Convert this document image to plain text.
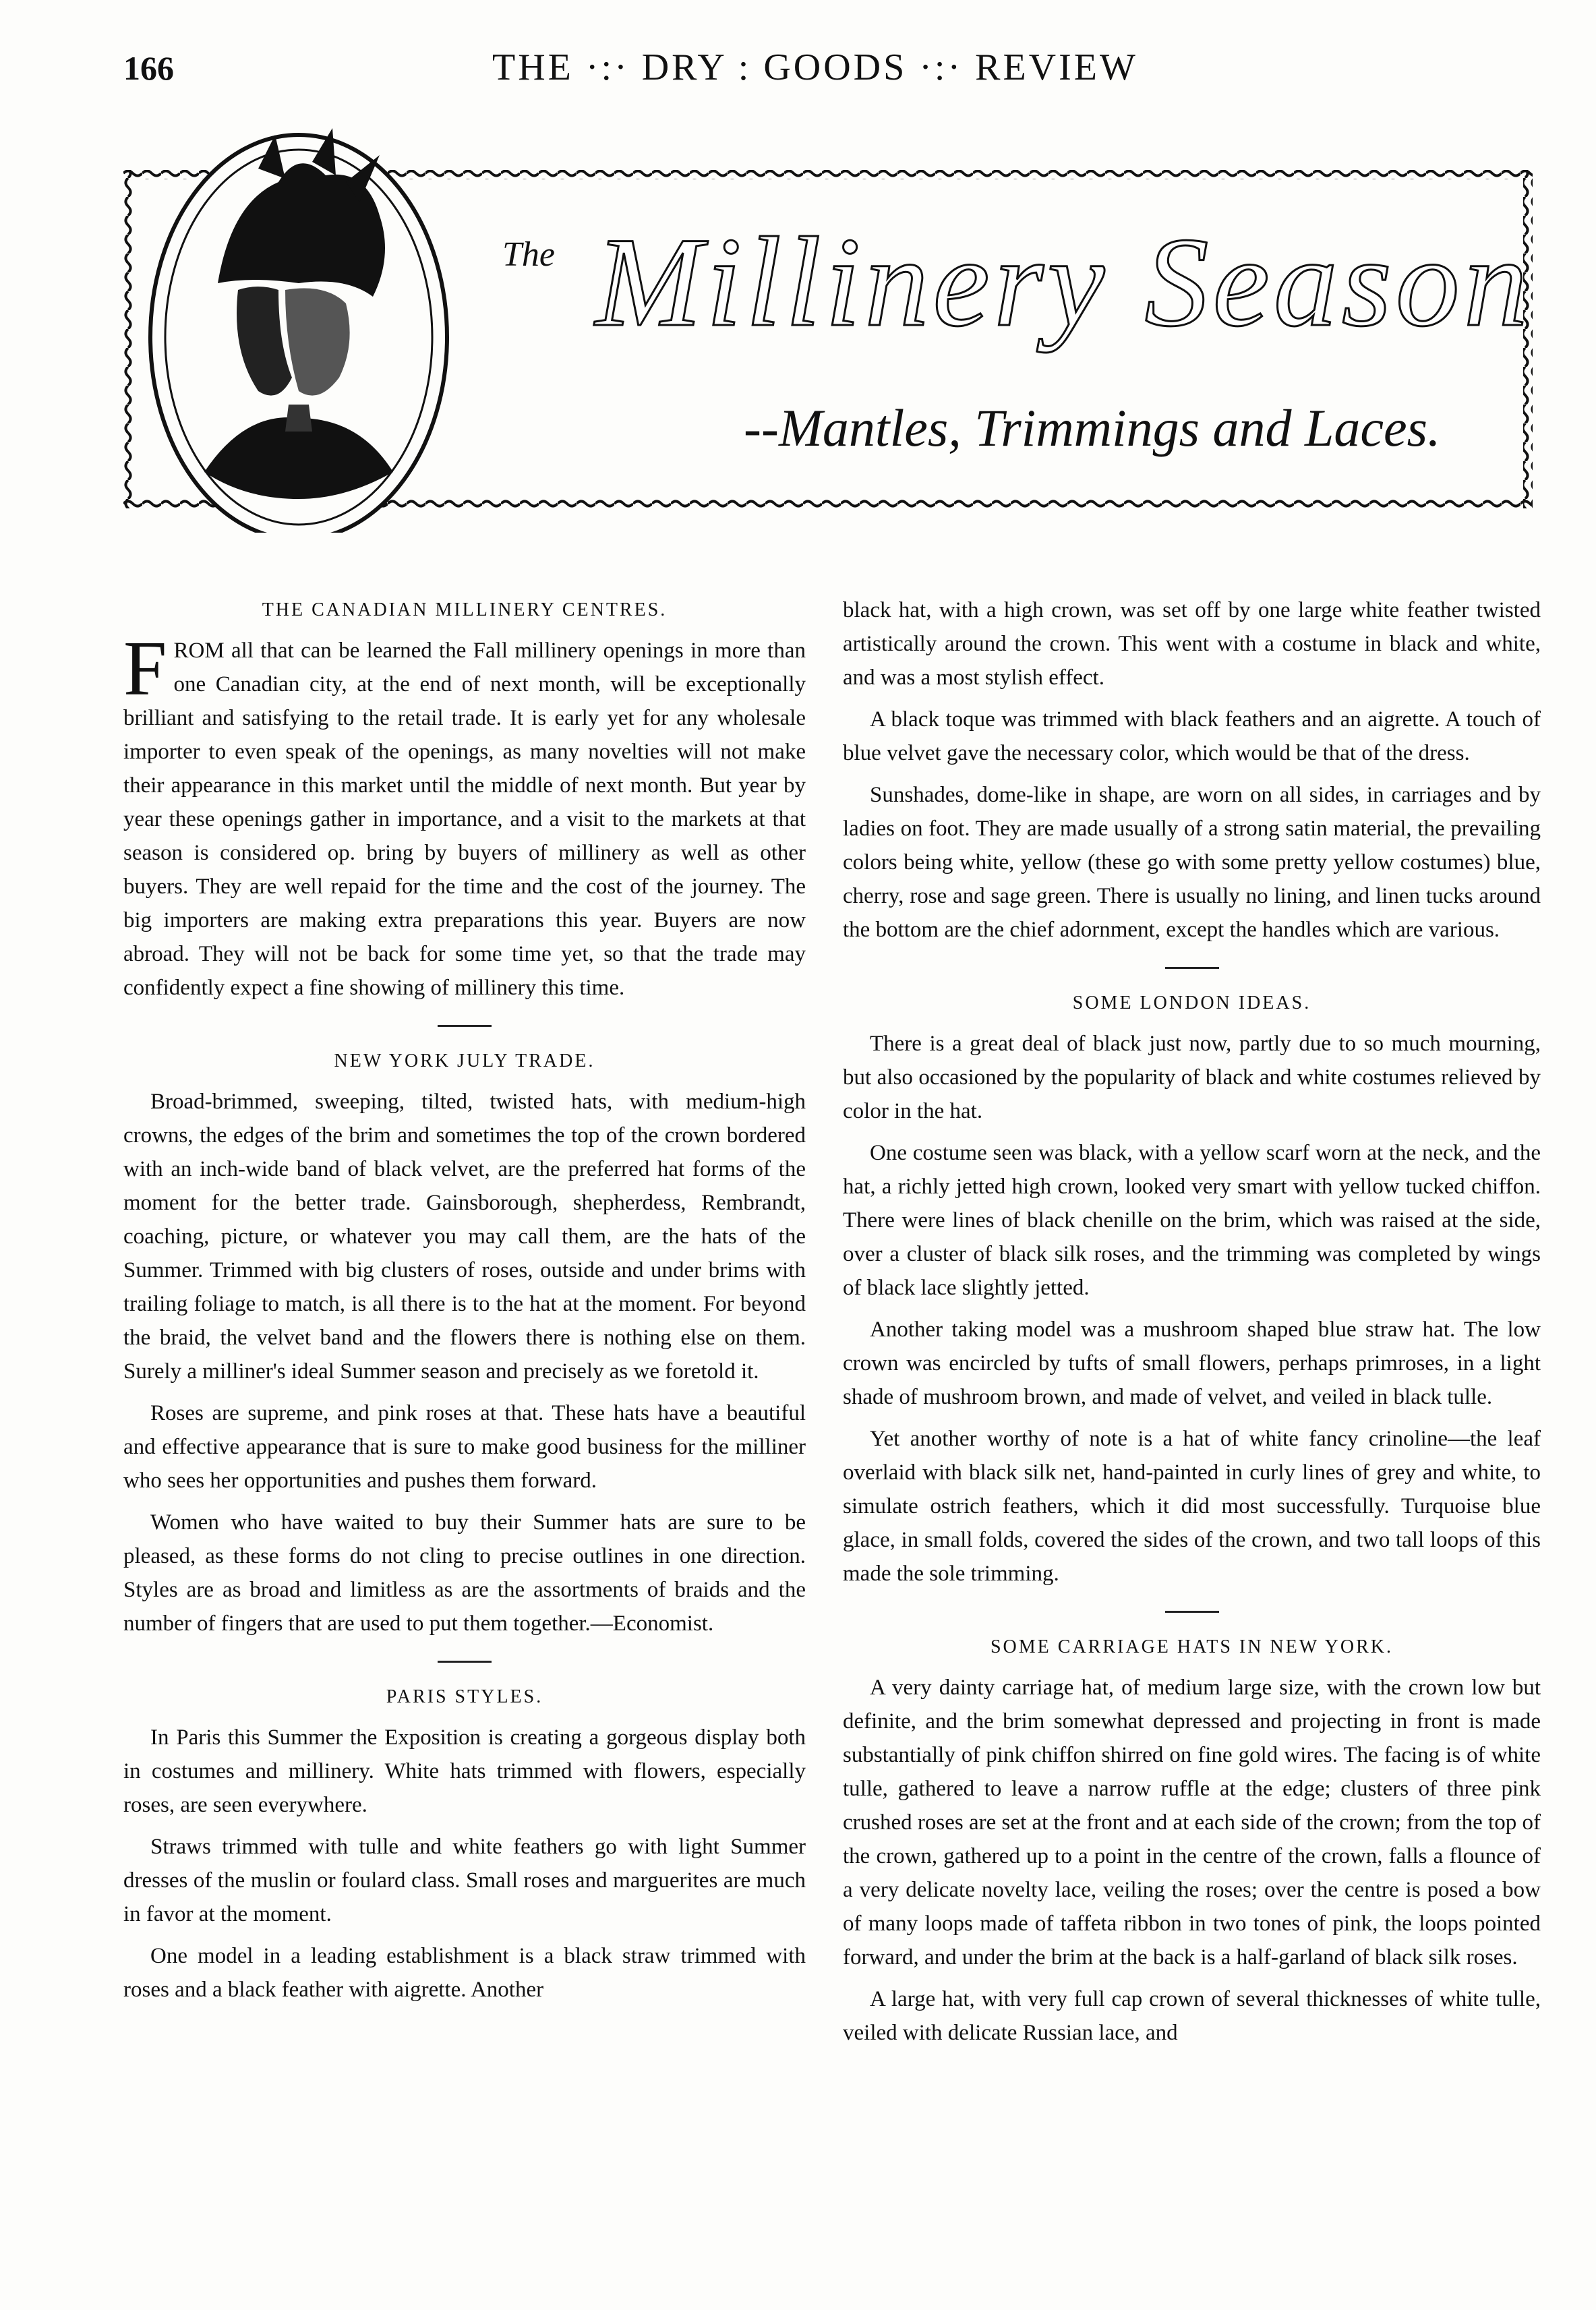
166	THE ·:· DRY : GOODS ·:· REVIEW
The Millinery Season
--Mantles, Trimmings and Laces.
THE CANADIAN MILLINERY CENTRES.

FROM all that can be learned the Fall millinery openings in more than one Canadian city, at the end of next month, will be exceptionally brilliant and satisfying to the retail trade. It is early yet for any wholesale importer to even speak of the openings, as many novelties will not make their appearance in this market until the middle of next month. But year by year these openings gather in importance, and a visit to the markets at that season is considered op. bring by buyers of millinery as well as other buyers. They are well repaid for the time and the cost of the journey. The big importers are making extra preparations this year. Buyers are now abroad. They will not be back for some time yet, so that the trade may confidently expect a fine showing of millinery this time.

NEW YORK JULY TRADE.

Broad-brimmed, sweeping, tilted, twisted hats, with medium-high crowns, the edges of the brim and sometimes the top of the crown bordered with an inch-wide band of black velvet, are the preferred hat forms of the moment for the better trade. Gainsborough, shepherdess, Rembrandt, coaching, picture, or whatever you may call them, are the hats of the Summer. Trimmed with big clusters of roses, outside and under brims with trailing foliage to match, is all there is to the hat at the moment. For beyond the braid, the velvet band and the flowers there is nothing else on them. Surely a milliner's ideal Summer season and precisely as we foretold it.

Roses are supreme, and pink roses at that. These hats have a beautiful and effective appearance that is sure to make good business for the milliner who sees her opportunities and pushes them forward.

Women who have waited to buy their Summer hats are sure to be pleased, as these forms do not cling to precise outlines in one direction. Styles are as broad and limitless as are the assortments of braids and the number of fingers that are used to put them together.—Economist.

PARIS STYLES.

In Paris this Summer the Exposition is creating a gorgeous display both in costumes and millinery. White hats trimmed with flowers, especially roses, are seen everywhere.

Straws trimmed with tulle and white feathers go with light Summer dresses of the muslin or foulard class. Small roses and marguerites are much in favor at the moment.

One model in a leading establishment is a black straw trimmed with roses and a black feather with aigrette. Another

black hat, with a high crown, was set off by one large white feather twisted artistically around the crown. This went with a costume in black and white, and was a most stylish effect.

A black toque was trimmed with black feathers and an aigrette. A touch of blue velvet gave the necessary color, which would be that of the dress.

Sunshades, dome-like in shape, are worn on all sides, in carriages and by ladies on foot. They are made usually of a strong satin material, the prevailing colors being white, yellow (these go with some pretty yellow costumes) blue, cherry, rose and sage green. There is usually no lining, and linen tucks around the bottom are the chief adornment, except the handles which are various.

SOME LONDON IDEAS.

There is a great deal of black just now, partly due to so much mourning, but also occasioned by the popularity of black and white costumes relieved by color in the hat.

One costume seen was black, with a yellow scarf worn at the neck, and the hat, a richly jetted high crown, looked very smart with yellow tucked chiffon. There were lines of black chenille on the brim, which was raised at the side, over a cluster of black silk roses, and the trimming was completed by wings of black lace slightly jetted.

Another taking model was a mushroom shaped blue straw hat. The low crown was encircled by tufts of small flowers, perhaps primroses, in a light shade of mushroom brown, and made of velvet, and veiled in black tulle.

Yet another worthy of note is a hat of white fancy crinoline—the leaf overlaid with black silk net, hand-painted in curly lines of grey and white, to simulate ostrich feathers, which it did most successfully. Turquoise blue glace, in small folds, covered the sides of the crown, and two tall loops of this made the sole trimming.

SOME CARRIAGE HATS IN NEW YORK.

A very dainty carriage hat, of medium large size, with the crown low but definite, and the brim somewhat depressed and projecting in front is made substantially of pink chiffon shirred on fine gold wires. The facing is of white tulle, gathered to leave a narrow ruffle at the edge; clusters of three pink crushed roses are set at the front and at each side of the crown; from the top of the crown, gathered up to a point in the centre of the crown, falls a flounce of a very delicate novelty lace, veiling the roses; over the centre is posed a bow of many loops made of taffeta ribbon in two tones of pink, the loops pointed forward, and under the brim at the back is a half-garland of black silk roses.

A large hat, with very full cap crown of several thicknesses of white tulle, veiled with delicate Russian lace, and
